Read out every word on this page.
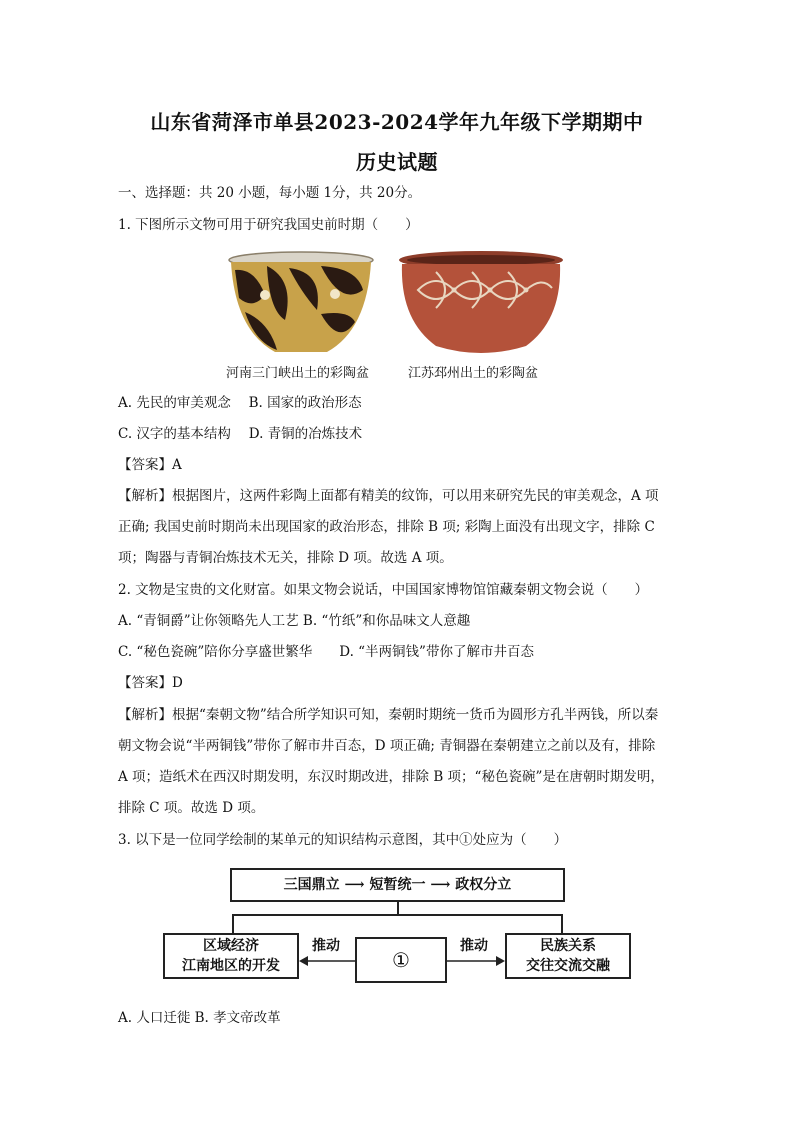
山东省菏泽市单县2023-2024学年九年级下学期期中
历史试题
一、选择题：共 20 小题，每小题 1分，共 20分。
1. 下图所示文物可用于研究我国史前时期（　　）
河南三门峡出土的彩陶盆	江苏邳州出土的彩陶盆
A. 先民的审美观念　 B. 国家的政治形态
C. 汉字的基本结构　 D. 青铜的冶炼技术
【答案】A
【解析】根据图片，这两件彩陶上面都有精美的纹饰，可以用来研究先民的审美观念，A 项
正确; 我国史前时期尚未出现国家的政治形态，排除 B 项; 彩陶上面没有出现文字，排除 C
项；陶器与青铜冶炼技术无关，排除 D 项。故选 A 项。
2. 文物是宝贵的文化财富。如果文物会说话，中国国家博物馆馆藏秦朝文物会说（　　）
A. “青铜爵”让你领略先人工艺 B. “竹纸”和你品味文人意趣
C. “秘色瓷碗”陪你分享盛世繁华　　D. “半两铜钱”带你了解市井百态
【答案】D
【解析】根据“秦朝文物”结合所学知识可知，秦朝时期统一货币为圆形方孔半两钱，所以秦
朝文物会说“半两铜钱”带你了解市井百态，D 项正确; 青铜器在秦朝建立之前以及有，排除
A 项；造纸术在西汉时期发明，东汉时期改进，排除 B 项；“秘色瓷碗”是在唐朝时期发明，
排除 C 项。故选 D 项。
3. 以下是一位同学绘制的某单元的知识结构示意图，其中①处应为（　　）
三国鼎立 ⟶ 短暂统一 ⟶ 政权分立
区域经济
江南地区的开发
推动
①
推动	民族关系
交往交流交融
A. 人口迁徙 B. 孝文帝改革
